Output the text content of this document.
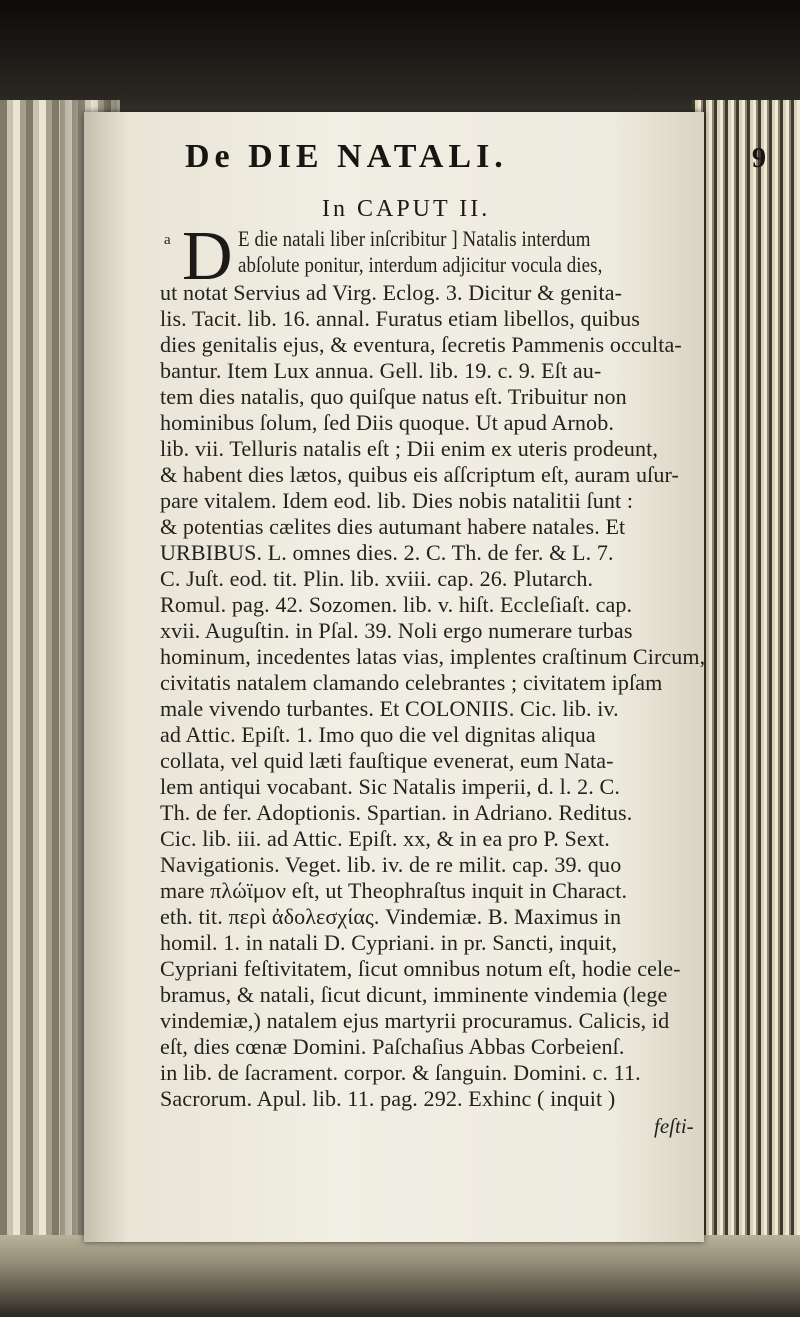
De DIE NATALI.	9
In CAPUT II.
a D E die natali liber inſcribitur ] Natalis interdum
abſolute ponitur, interdum adjicitur vocula dies,
ut notat Servius ad Virg. Eclog. 3. Dicitur & genita-
lis. Tacit. lib. 16. annal. Furatus etiam libellos, quibus
dies genitalis ejus, & eventura, ſecretis Pammenis occulta-
bantur. Item Lux annua. Gell. lib. 19. c. 9. Eſt au-
tem dies natalis, quo quiſque natus eſt. Tribuitur non
hominibus ſolum, ſed Diis quoque. Ut apud Arnob.
lib. vii. Telluris natalis eſt ; Dii enim ex uteris prodeunt,
& habent dies lætos, quibus eis aſſcriptum eſt, auram uſur-
pare vitalem. Idem eod. lib. Dies nobis natalitii ſunt :
& potentias cælites dies autumant habere natales. Et
URBIBUS. L. omnes dies. 2. C. Th. de fer. & L. 7.
C. Juſt. eod. tit. Plin. lib. xviii. cap. 26. Plutarch.
Romul. pag. 42. Sozomen. lib. v. hiſt. Eccleſiaſt. cap.
xvii. Auguſtin. in Pſal. 39. Noli ergo numerare turbas
hominum, incedentes latas vias, implentes craſtinum Circum,
civitatis natalem clamando celebrantes ; civitatem ipſam
male vivendo turbantes. Et COLONIIS. Cic. lib. iv.
ad Attic. Epiſt. 1. Imo quo die vel dignitas aliqua
collata, vel quid læti fauſtique evenerat, eum Nata-
lem antiqui vocabant. Sic Natalis imperii, d. l. 2. C.
Th. de fer. Adoptionis. Spartian. in Adriano. Reditus.
Cic. lib. iii. ad Attic. Epiſt. xx, & in ea pro P. Sext.
Navigationis. Veget. lib. iv. de re milit. cap. 39. quo
mare πλώϊμον eſt, ut Theophraſtus inquit in Charact.
eth. tit. περὶ ἀδολεσχίας. Vindemiæ. B. Maximus in
homil. 1. in natali D. Cypriani. in pr. Sancti, inquit,
Cypriani feſtivitatem, ſicut omnibus notum eſt, hodie cele-
bramus, & natali, ſicut dicunt, imminente vindemia (lege
vindemiæ,) natalem ejus martyrii procuramus. Calicis, id
eſt, dies cœnæ Domini. Paſchaſius Abbas Corbeienſ.
in lib. de ſacrament. corpor. & ſanguin. Domini. c. 11.
Sacrorum. Apul. lib. 11. pag. 292. Exhinc ( inquit )
feſti-
